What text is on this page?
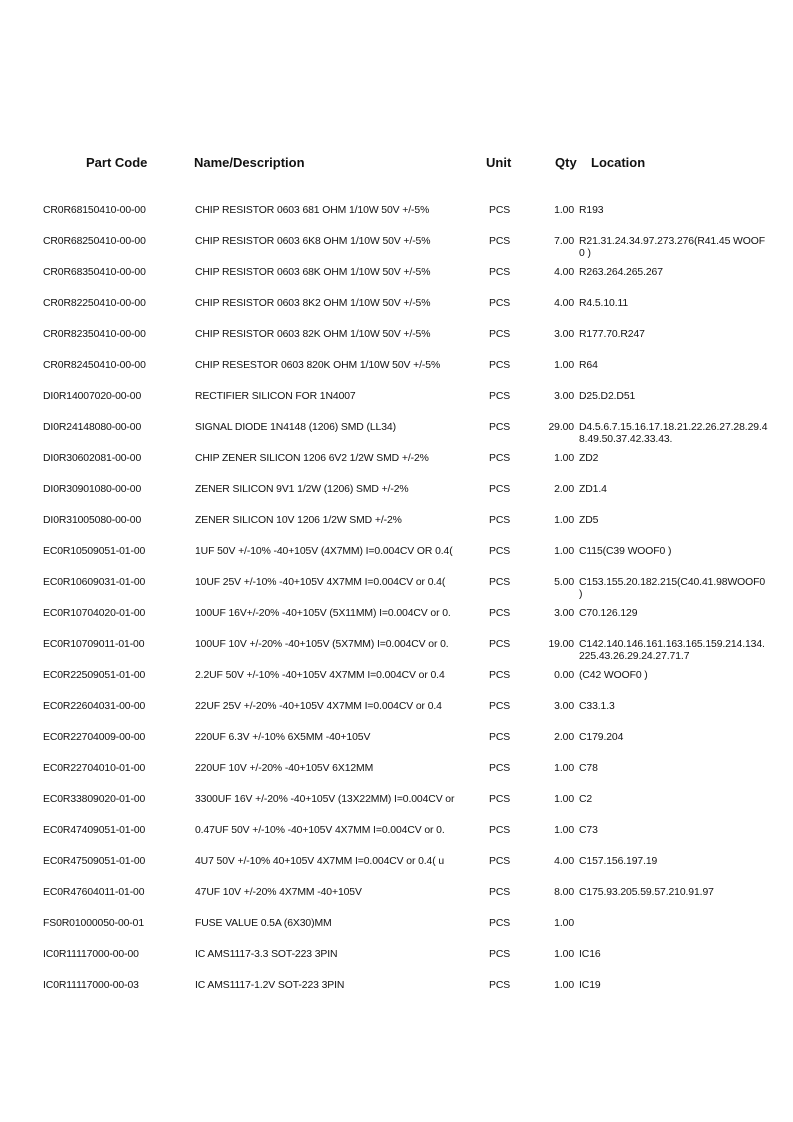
Part Code	Name/Description	Unit	Qty Location
CR0R68150410-00-00	CHIP RESISTOR 0603 681 OHM 1/10W 50V +/-5%	PCS	1.00 R193
CR0R68250410-00-00	CHIP RESISTOR 0603 6K8 OHM 1/10W 50V +/-5%	PCS	7.00 R21.31.24.34.97.273.276(R41.45 WOOF0 )
CR0R68350410-00-00	CHIP RESISTOR 0603 68K OHM 1/10W 50V +/-5%	PCS	4.00 R263.264.265.267
CR0R82250410-00-00	CHIP RESISTOR 0603 8K2 OHM 1/10W 50V +/-5%	PCS	4.00 R4.5.10.11
CR0R82350410-00-00	CHIP RESISTOR 0603 82K OHM 1/10W 50V +/-5%	PCS	3.00 R177.70.R247
CR0R82450410-00-00	CHIP RESESTOR 0603 820K OHM 1/10W 50V +/-5%	PCS	1.00 R64
DI0R14007020-00-00	RECTIFIER SILICON FOR 1N4007	PCS	3.00 D25.D2.D51
DI0R24148080-00-00	SIGNAL DIODE 1N4148 (1206) SMD (LL34)	PCS	29.00 D4.5.6.7.15.16.17.18.21.22.26.27.28.29.48.49.50.37.42.33.43.
DI0R30602081-00-00	CHIP ZENER SILICON 1206 6V2 1/2W SMD +/-2%	PCS	1.00 ZD2
DI0R30901080-00-00	ZENER SILICON 9V1 1/2W (1206) SMD +/-2%	PCS	2.00 ZD1.4
DI0R31005080-00-00	ZENER SILICON 10V 1206 1/2W SMD +/-2%	PCS	1.00 ZD5
EC0R10509051-01-00	1UF 50V +/-10% -40+105V (4X7MM) I=0.004CV OR 0.4(	PCS	1.00 C115(C39 WOOF0 )
EC0R10609031-01-00	10UF 25V +/-10% -40+105V 4X7MM I=0.004CV or 0.4(	PCS	5.00 C153.155.20.182.215(C40.41.98WOOF0 )
EC0R10704020-01-00	100UF 16V+/-20% -40+105V (5X11MM) I=0.004CV or 0.	PCS	3.00 C70.126.129
EC0R10709011-01-00	100UF 10V +/-20% -40+105V (5X7MM) I=0.004CV or 0.	PCS	19.00 C142.140.146.161.163.165.159.214.134.225.43.26.29.24.27.71.7
EC0R22509051-01-00	2.2UF 50V +/-10% -40+105V 4X7MM I=0.004CV or 0.4	PCS	0.00 (C42 WOOF0 )
EC0R22604031-00-00	22UF 25V +/-20% -40+105V 4X7MM I=0.004CV or 0.4	PCS	3.00 C33.1.3
EC0R22704009-00-00	220UF 6.3V +/-10% 6X5MM -40+105V	PCS	2.00 C179.204
EC0R22704010-01-00	220UF 10V +/-20% -40+105V 6X12MM	PCS	1.00 C78
EC0R33809020-01-00	3300UF 16V +/-20% -40+105V (13X22MM) I=0.004CV or	PCS	1.00 C2
EC0R47409051-01-00	0.47UF 50V +/-10% -40+105V 4X7MM I=0.004CV or 0.	PCS	1.00 C73
EC0R47509051-01-00	4U7 50V +/-10% 40+105V 4X7MM I=0.004CV or 0.4( u	PCS	4.00 C157.156.197.19
EC0R47604011-01-00	47UF 10V +/-20% 4X7MM -40+105V	PCS	8.00 C175.93.205.59.57.210.91.97
FS0R01000050-00-01	FUSE VALUE 0.5A (6X30)MM	PCS	1.00
IC0R11117000-00-00	IC AMS1117-3.3 SOT-223 3PIN	PCS	1.00 IC16
IC0R11117000-00-03	IC AMS1117-1.2V SOT-223 3PIN	PCS	1.00 IC19
